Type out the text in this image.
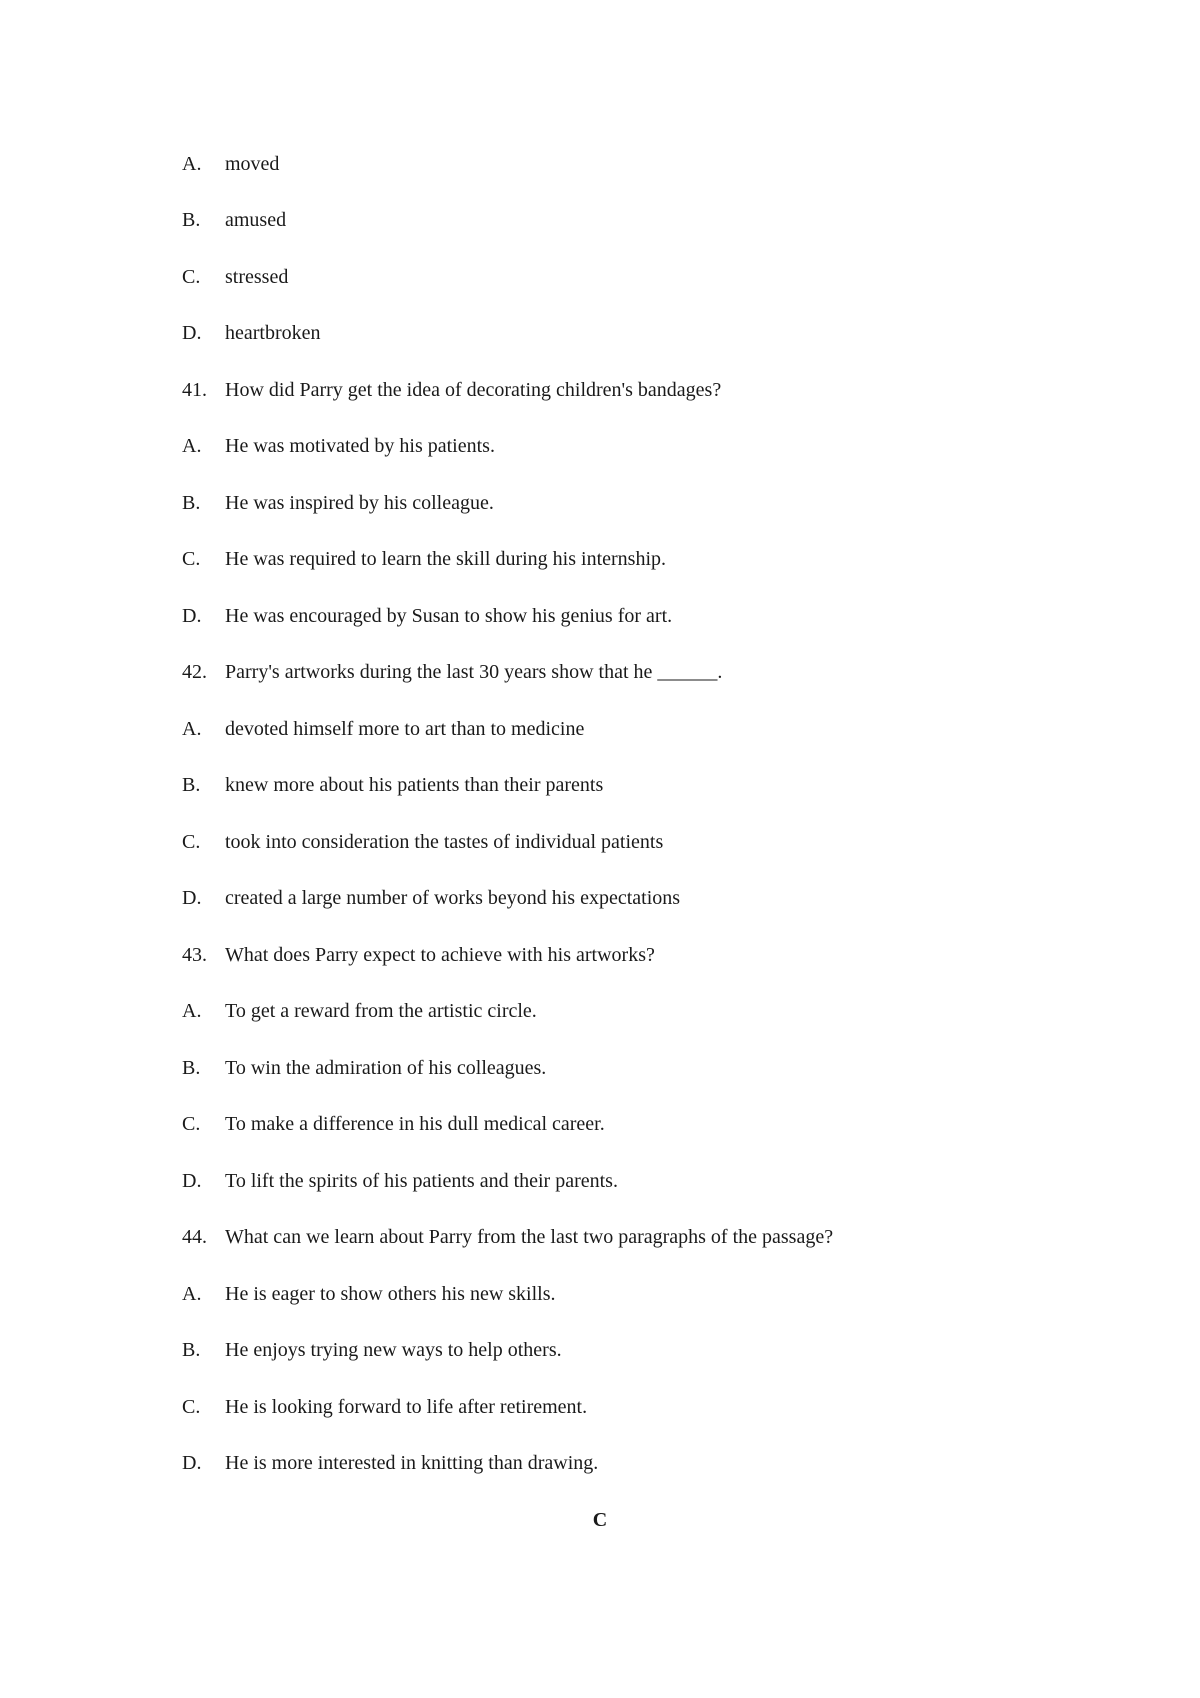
A. moved
B. amused
C. stressed
D. heartbroken
41. How did Parry get the idea of decorating children's bandages?
A. He was motivated by his patients.
B. He was inspired by his colleague.
C. He was required to learn the skill during his internship.
D. He was encouraged by Susan to show his genius for art.
42. Parry's artworks during the last 30 years show that he ______.
A. devoted himself more to art than to medicine
B. knew more about his patients than their parents
C. took into consideration the tastes of individual patients
D. created a large number of works beyond his expectations
43. What does Parry expect to achieve with his artworks?
A. To get a reward from the artistic circle.
B. To win the admiration of his colleagues.
C. To make a difference in his dull medical career.
D. To lift the spirits of his patients and their parents.
44. What can we learn about Parry from the last two paragraphs of the passage?
A. He is eager to show others his new skills.
B. He enjoys trying new ways to help others.
C. He is looking forward to life after retirement.
D. He is more interested in knitting than drawing.
C
